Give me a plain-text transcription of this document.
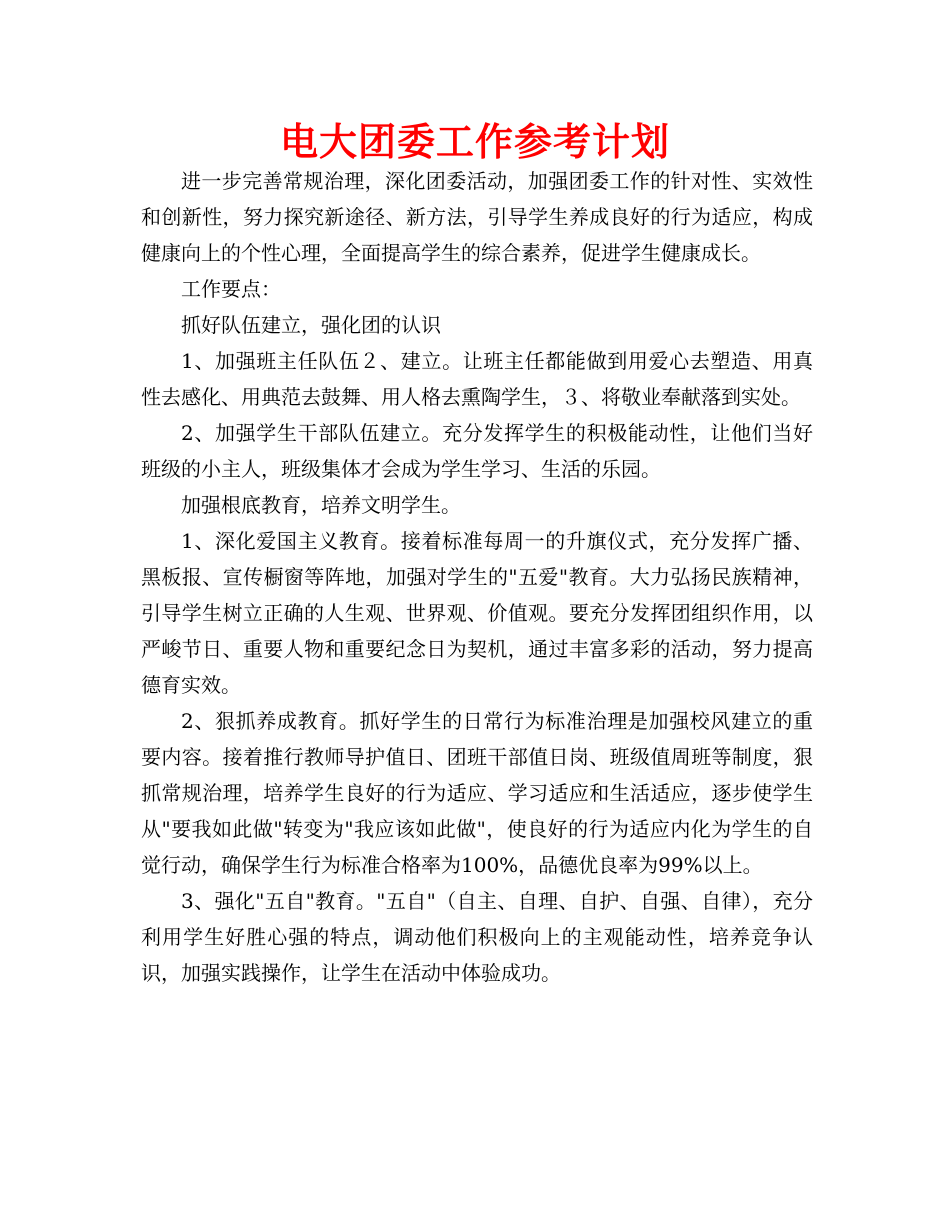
电大团委工作参考计划

进一步完善常规治理，深化团委活动，加强团委工作的针对性、实效性和创新性，努力探究新途径、新方法，引导学生养成良好的行为适应，构成健康向上的个性心理，全面提高学生的综合素养，促进学生健康成长。

工作要点：

抓好队伍建立，强化团的认识

1、加强班主任队伍２、建立。让班主任都能做到用爱心去塑造、用真性去感化、用典范去鼓舞、用人格去熏陶学生，３、将敬业奉献落到实处。

2、加强学生干部队伍建立。充分发挥学生的积极能动性，让他们当好班级的小主人，班级集体才会成为学生学习、生活的乐园。

加强根底教育，培养文明学生。

1、深化爱国主义教育。接着标准每周一的升旗仪式，充分发挥广播、黑板报、宣传橱窗等阵地，加强对学生的"五爱"教育。大力弘扬民族精神，引导学生树立正确的人生观、世界观、价值观。要充分发挥团组织作用，以严峻节日、重要人物和重要纪念日为契机，通过丰富多彩的活动，努力提高德育实效。

2、狠抓养成教育。抓好学生的日常行为标准治理是加强校风建立的重要内容。接着推行教师导护值日、团班干部值日岗、班级值周班等制度，狠抓常规治理，培养学生良好的行为适应、学习适应和生活适应，逐步使学生从"要我如此做"转变为"我应该如此做"，使良好的行为适应内化为学生的自觉行动，确保学生行为标准合格率为100%，品德优良率为99%以上。

3、强化"五自"教育。"五自"（自主、自理、自护、自强、自律），充分利用学生好胜心强的特点，调动他们积极向上的主观能动性，培养竞争认识，加强实践操作，让学生在活动中体验成功。
